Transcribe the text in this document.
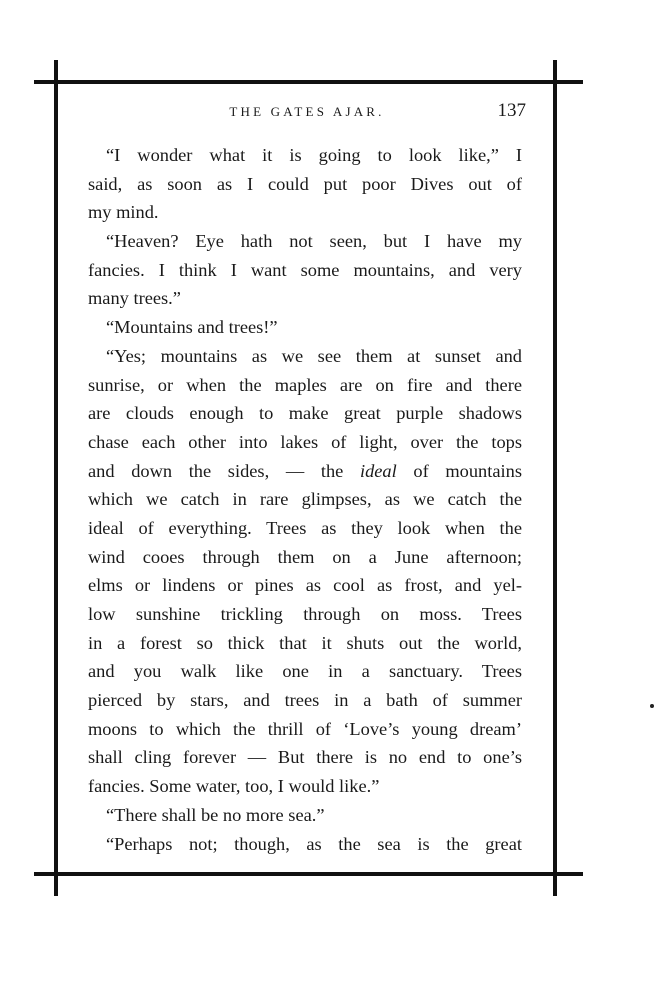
THE GATES AJAR.	137
“I wonder what it is going to look like,” I
said, as soon as I could put poor Dives out of
my mind.
“Heaven? Eye hath not seen, but I have my
fancies. I think I want some mountains, and very
many trees.”
“Mountains and trees!”
“Yes; mountains as we see them at sunset and
sunrise, or when the maples are on fire and there
are clouds enough to make great purple shadows
chase each other into lakes of light, over the tops
and down the sides, — the ideal of mountains
which we catch in rare glimpses, as we catch the
ideal of everything. Trees as they look when the
wind cooes through them on a June afternoon;
elms or lindens or pines as cool as frost, and yel-
low sunshine trickling through on moss. Trees
in a forest so thick that it shuts out the world,
and you walk like one in a sanctuary. Trees
pierced by stars, and trees in a bath of summer
moons to which the thrill of ‘Love’s young dream’
shall cling forever — But there is no end to one’s
fancies. Some water, too, I would like.”
“There shall be no more sea.”
“Perhaps not; though, as the sea is the great
